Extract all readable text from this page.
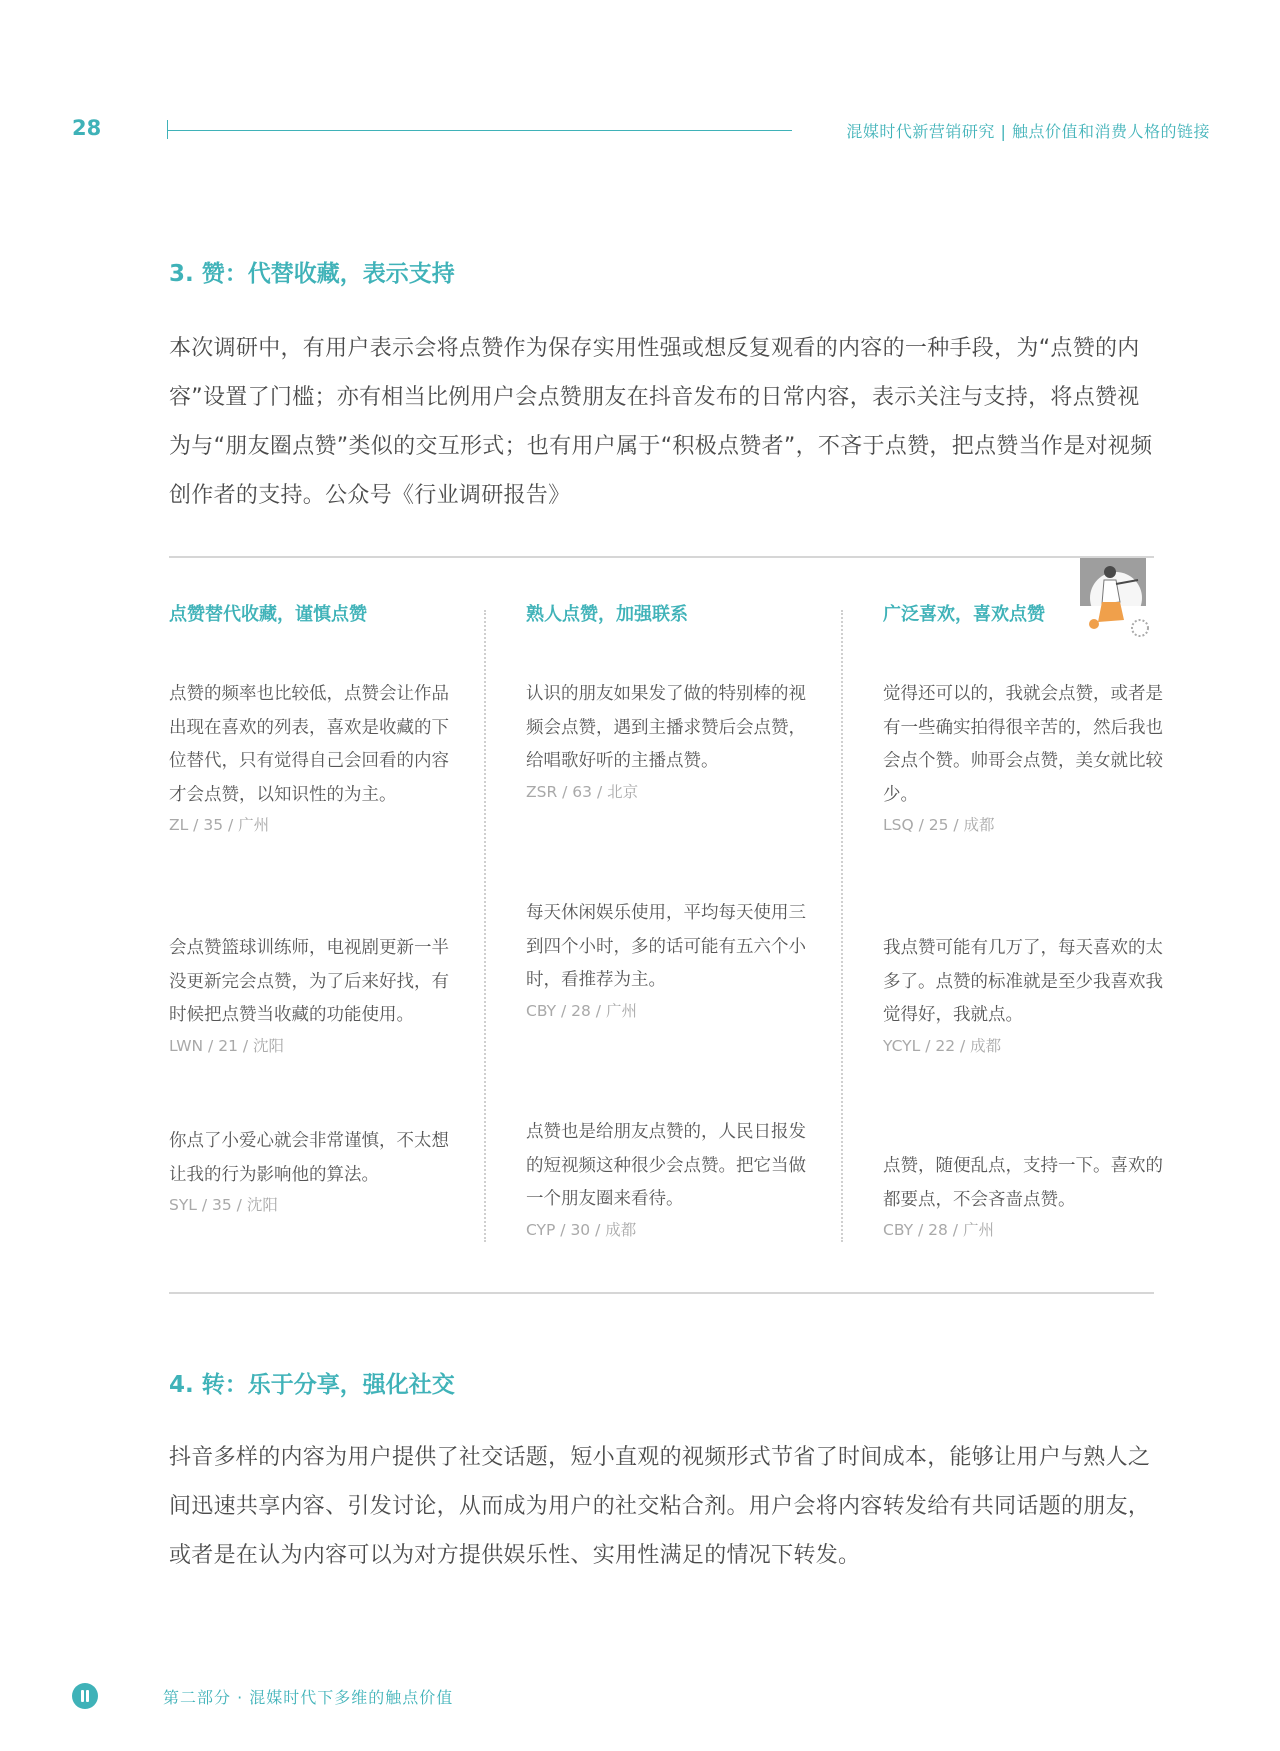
28	混媒时代新营销研究 | 触点价值和消费人格的链接
3. 赞：代替收藏，表示支持
本次调研中，有用户表示会将点赞作为保存实用性强或想反复观看的内容的一种手段，为“点赞的内容”设置了门槛；亦有相当比例用户会点赞朋友在抖音发布的日常内容，表示关注与支持，将点赞视为与“朋友圈点赞”类似的交互形式；也有用户属于“积极点赞者”，不吝于点赞，把点赞当作是对视频创作者的支持。公众号《行业调研报告》
点赞替代收藏，谨慎点赞
点赞的频率也比较低，点赞会让作品出现在喜欢的列表，喜欢是收藏的下位替代，只有觉得自己会回看的内容才会点赞，以知识性的为主。
ZL / 35 / 广州
会点赞篮球训练师，电视剧更新一半没更新完会点赞，为了后来好找，有时候把点赞当收藏的功能使用。
LWN / 21 / 沈阳
你点了小爱心就会非常谨慎，不太想让我的行为影响他的算法。
SYL / 35 / 沈阳
熟人点赞，加强联系
认识的朋友如果发了做的特别棒的视频会点赞，遇到主播求赞后会点赞，给唱歌好听的主播点赞。
ZSR / 63 / 北京
每天休闲娱乐使用，平均每天使用三到四个小时，多的话可能有五六个小时，看推荐为主。
CBY / 28 / 广州
点赞也是给朋友点赞的，人民日报发的短视频这种很少会点赞。把它当做一个朋友圈来看待。
CYP / 30 / 成都
广泛喜欢，喜欢点赞
觉得还可以的，我就会点赞，或者是有一些确实拍得很辛苦的，然后我也会点个赞。帅哥会点赞，美女就比较少。
LSQ / 25 / 成都
我点赞可能有几万了，每天喜欢的太多了。点赞的标准就是至少我喜欢我觉得好，我就点。
YCYL / 22 / 成都
点赞，随便乱点，支持一下。喜欢的都要点，不会吝啬点赞。
CBY / 28 / 广州
4. 转：乐于分享，强化社交
抖音多样的内容为用户提供了社交话题，短小直观的视频形式节省了时间成本，能够让用户与熟人之间迅速共享内容、引发讨论，从而成为用户的社交粘合剂。用户会将内容转发给有共同话题的朋友，或者是在认为内容可以为对方提供娱乐性、实用性满足的情况下转发。
第二部分 · 混媒时代下多维的触点价值
